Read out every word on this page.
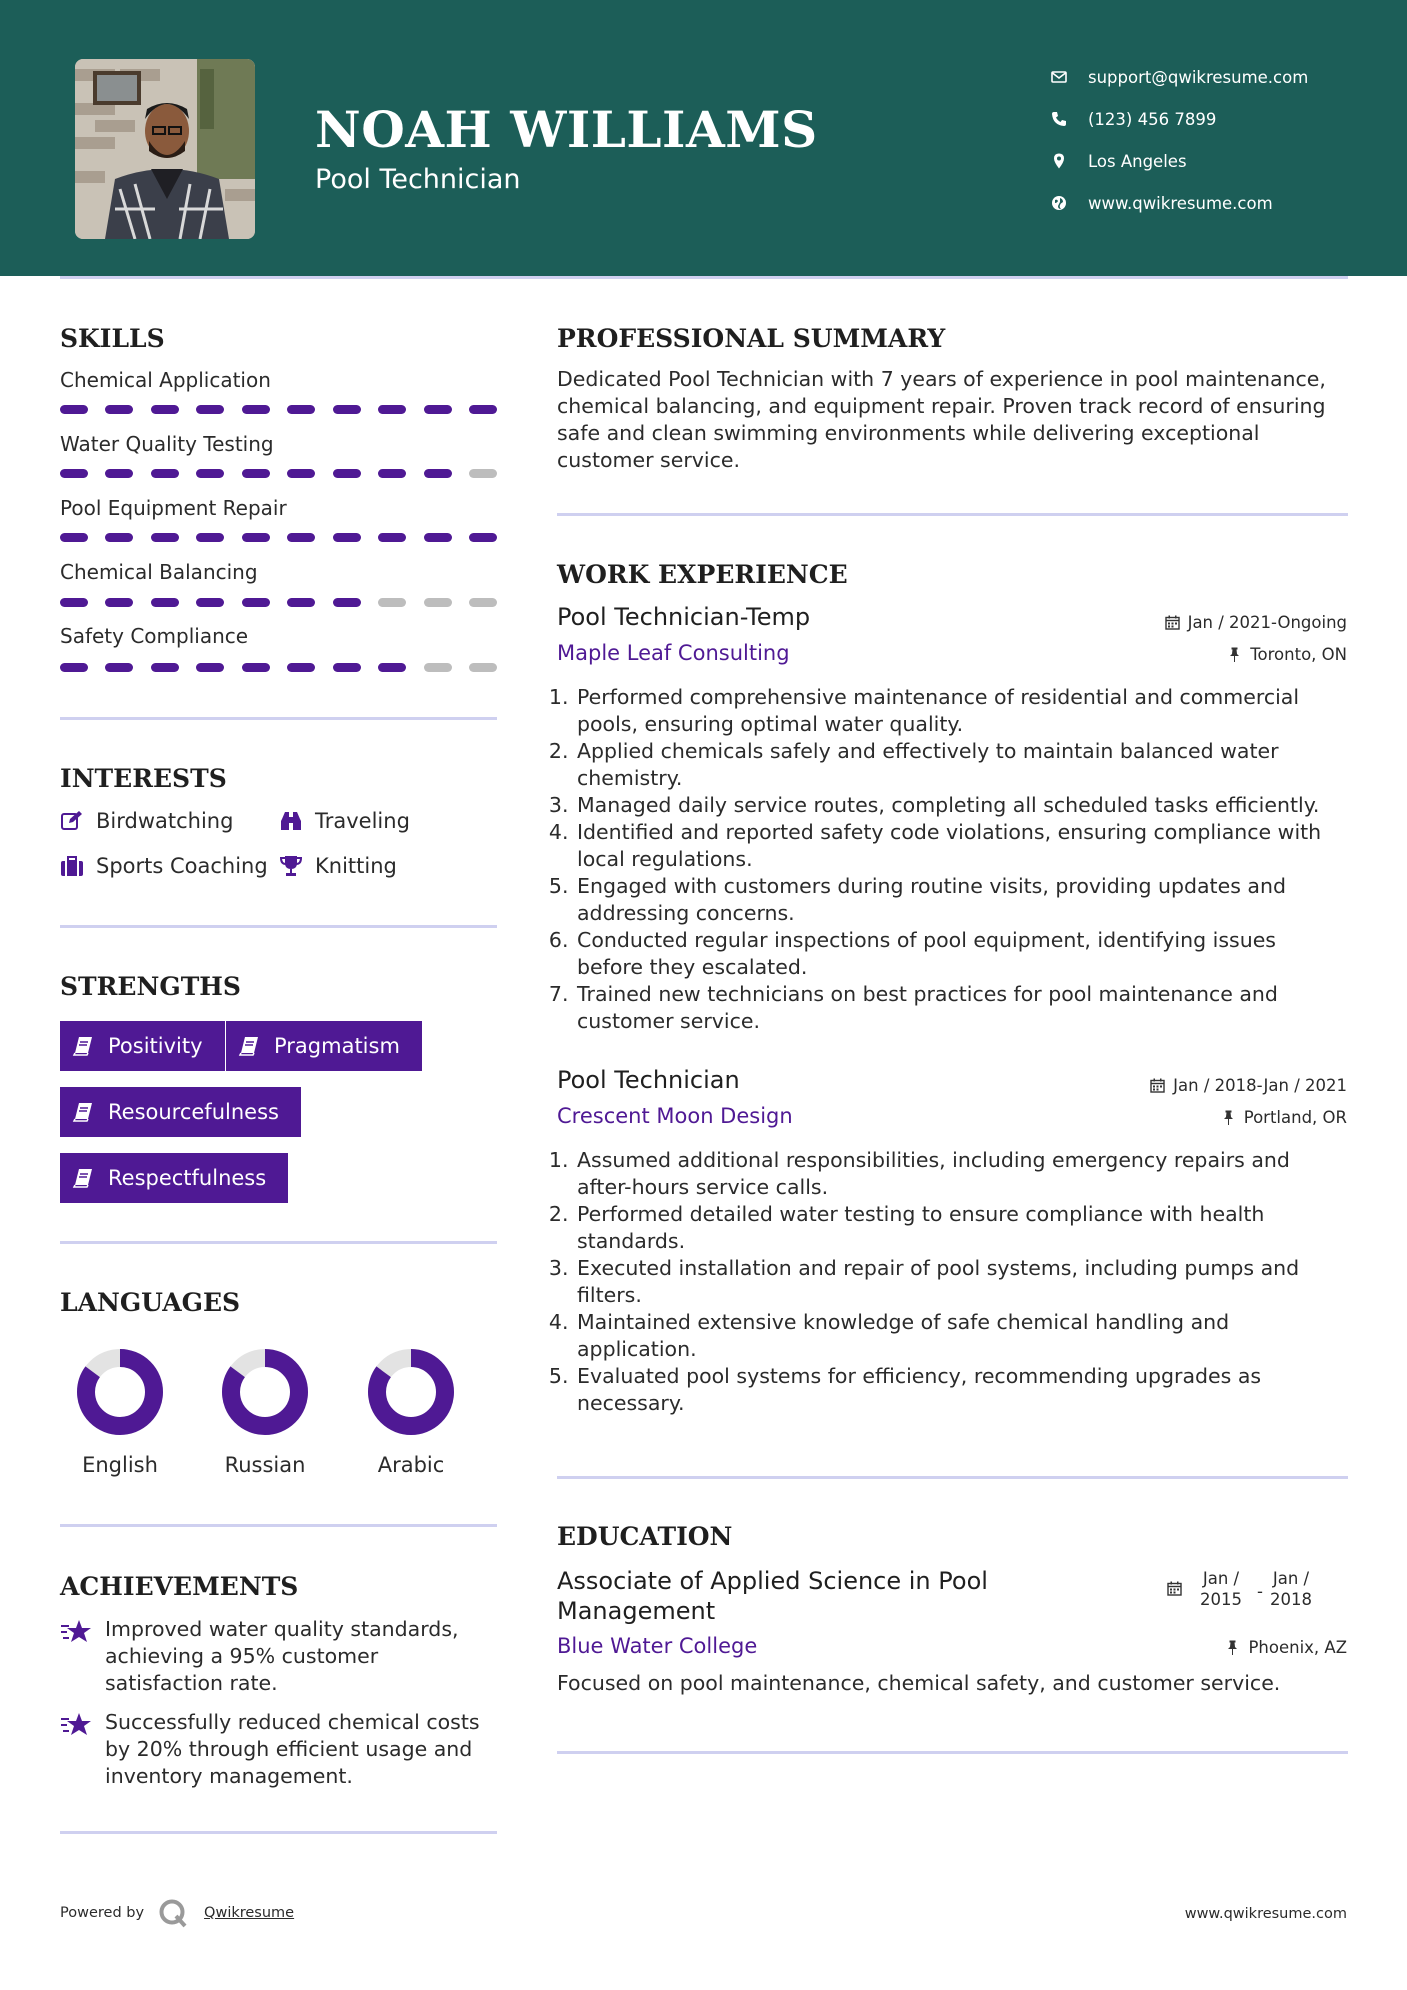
NOAH WILLIAMS
Pool Technician
support@qwikresume.com
(123) 456 7899
Los Angeles
www.qwikresume.com
SKILLS
Chemical Application
Water Quality Testing
Pool Equipment Repair
Chemical Balancing
Safety Compliance
INTERESTS
Birdwatching	Traveling
Sports Coaching Knitting
STRENGTHS
Positivity	Pragmatism
Resourcefulness
Respectfulness
LANGUAGES
English	Russian	Arabic
ACHIEVEMENTS
Improved water quality standards, achieving a 95% customer satisfaction rate.
Successfully reduced chemical costs by 20% through efficient usage and inventory management.
PROFESSIONAL SUMMARY
Dedicated Pool Technician with 7 years of experience in pool maintenance, chemical balancing, and equipment repair. Proven track record of ensuring safe and clean swimming environments while delivering exceptional customer service.
WORK EXPERIENCE
Pool Technician-Temp	Jan / 2021-Ongoing
Maple Leaf Consulting	Toronto, ON
1. Performed comprehensive maintenance of residential and commercial pools, ensuring optimal water quality.
2. Applied chemicals safely and effectively to maintain balanced water chemistry.
3. Managed daily service routes, completing all scheduled tasks efficiently.
4. Identified and reported safety code violations, ensuring compliance with local regulations.
5. Engaged with customers during routine visits, providing updates and addressing concerns.
6. Conducted regular inspections of pool equipment, identifying issues before they escalated.
7. Trained new technicians on best practices for pool maintenance and customer service.
Pool Technician	Jan / 2018-Jan / 2021
Crescent Moon Design	Portland, OR
1. Assumed additional responsibilities, including emergency repairs and after-hours service calls.
2. Performed detailed water testing to ensure compliance with health standards.
3. Executed installation and repair of pool systems, including pumps and filters.
4. Maintained extensive knowledge of safe chemical handling and application.
5. Evaluated pool systems for efficiency, recommending upgrades as necessary.
EDUCATION
Associate of Applied Science in Pool Management
Jan / 2015 -
Jan / 2018
Blue Water College	Phoenix, AZ
Focused on pool maintenance, chemical safety, and customer service.
Powered by	Qwikresume	www.qwikresume.com
